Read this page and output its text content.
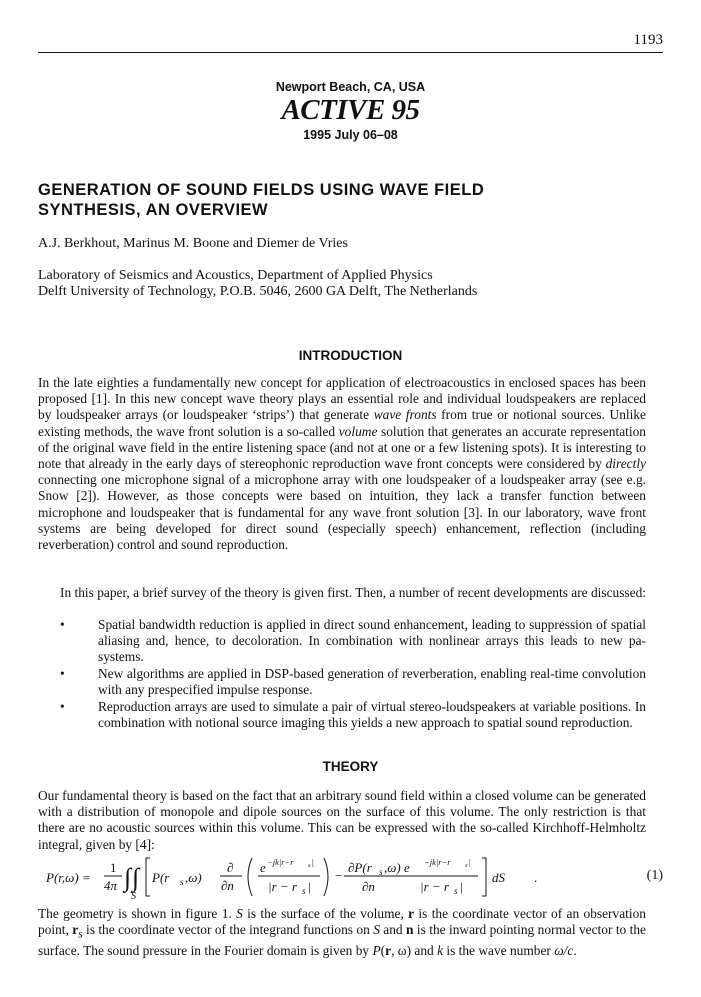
1193
Newport Beach, CA, USA
ACTIVE 95
1995 July 06–08
GENERATION OF SOUND FIELDS USING WAVE FIELD
SYNTHESIS, AN OVERVIEW
A.J. Berkhout, Marinus M. Boone and Diemer de Vries
Laboratory of Seismics and Acoustics, Department of Applied Physics
Delft University of Technology, P.O.B. 5046, 2600 GA Delft, The Netherlands
INTRODUCTION
In the late eighties a fundamentally new concept for application of electroacoustics in enclosed spaces has been proposed [1]. In this new concept wave theory plays an essential role and individual loudspeakers are replaced by loudspeaker arrays (or loudspeaker ‘strips’) that generate wave fronts from true or notional sources. Unlike existing methods, the wave front solution is a so-called volume solution that generates an accurate representation of the original wave field in the entire listening space (and not at one or a few listening spots). It is interesting to note that already in the early days of stereophonic reproduction wave front concepts were considered by directly connecting one microphone signal of a microphone array with one loudspeaker of a loudspeaker array (see e.g. Snow [2]). However, as those concepts were based on intuition, they lack a transfer function between microphone and loudspeaker that is fundamental for any wave front solution [3]. In our laboratory, wave front systems are being developed for direct sound (especially speech) enhancement, reflection (including reverberation) control and sound reproduction.
In this paper, a brief survey of the theory is given first. Then, a number of recent developments are discussed:
• Spatial bandwidth reduction is applied in direct sound enhancement, leading to suppression of spatial aliasing and, hence, to decoloration. In combination with nonlinear arrays this leads to new pa-systems.
• New algorithms are applied in DSP-based generation of reverberation, enabling real-time convolution with any prespecified impulse response.
• Reproduction arrays are used to simulate a pair of virtual stereo-loudspeakers at variable positions. In combination with notional source imaging this yields a new approach to spatial sound reproduction.
THEORY
Our fundamental theory is based on the fact that an arbitrary sound field within a closed volume can be generated with a distribution of monopole and dipole sources on the surface of this volume. The only restriction is that there are no acoustic sources within this volume. This can be expressed with the so-called Kirchhoff-Helmholtz integral, given by [4]:
P(r,ω) =
1
4π ∫ ∫
S
P(r s ,ω)
∂
∂n
e −jk|r−r s |
|r − r s |
−
∂P(r s ,ω) e −jk|r−r s |
∂n	|r − r s |
dS .	(1)
The geometry is shown in figure 1. S is the surface of the volume, r is the coordinate vector of an observation point, $r_s$ is the coordinate vector of the integrand functions on S and n is the inward pointing normal vector to the surface. The sound pressure in the Fourier domain is given by P(r, ω) and k is the wave number ω/c.
